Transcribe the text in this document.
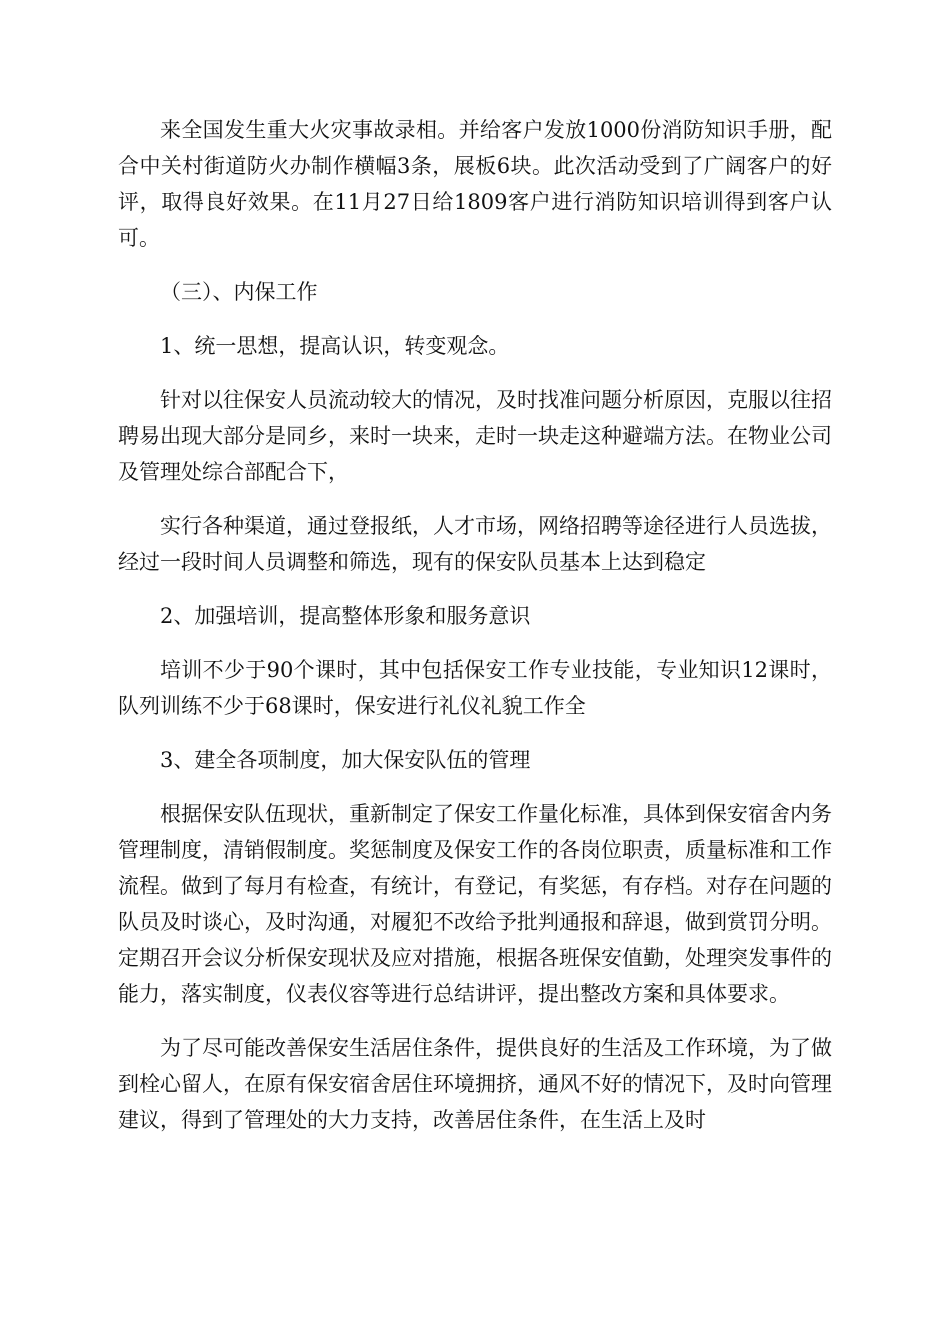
来全国发生重大火灾事故录相。并给客户发放1000份消防知识手册，配合中关村街道防火办制作横幅3条，展板6块。此次活动受到了广阔客户的好评，取得良好效果。在11月27日给1809客户进行消防知识培训得到客户认可。

（三）、内保工作

1、统一思想，提高认识，转变观念。

针对以往保安人员流动较大的情况，及时找准问题分析原因，克服以往招聘易出现大部分是同乡，来时一块来，走时一块走这种避端方法。在物业公司及管理处综合部配合下，

实行各种渠道，通过登报纸，人才市场，网络招聘等途径进行人员选拔，经过一段时间人员调整和筛选，现有的保安队员基本上达到稳定

2、加强培训，提高整体形象和服务意识

培训不少于90个课时，其中包括保安工作专业技能，专业知识12课时，队列训练不少于68课时，保安进行礼仪礼貌工作全

3、建全各项制度，加大保安队伍的管理

根据保安队伍现状，重新制定了保安工作量化标准，具体到保安宿舍内务管理制度，清销假制度。奖惩制度及保安工作的各岗位职责，质量标准和工作流程。做到了每月有检查，有统计，有登记，有奖惩，有存档。对存在问题的队员及时谈心，及时沟通，对履犯不改给予批判通报和辞退，做到赏罚分明。定期召开会议分析保安现状及应对措施，根据各班保安值勤，处理突发事件的能力，落实制度，仪表仪容等进行总结讲评，提出整改方案和具体要求。

为了尽可能改善保安生活居住条件，提供良好的生活及工作环境，为了做到栓心留人，在原有保安宿舍居住环境拥挤，通风不好的情况下，及时向管理建议，得到了管理处的大力支持，改善居住条件，在生活上及时
